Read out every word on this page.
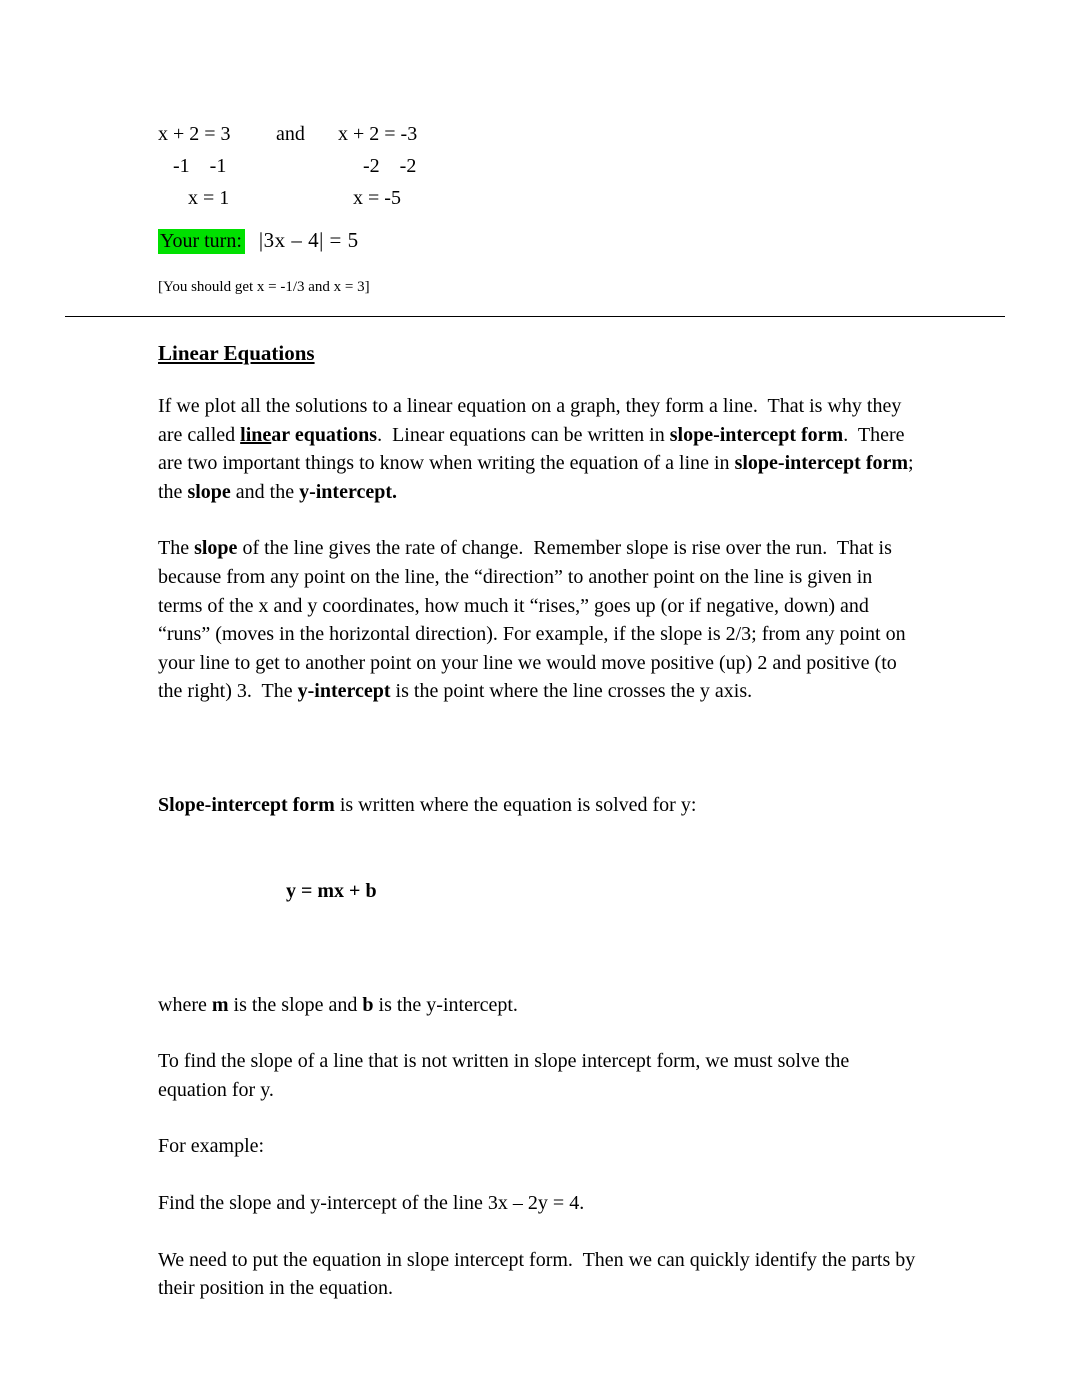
x + 2 = 3	and	x + 2 = -3
-1    -1	-2    -2
x = 1	x = -5
Your turn: |3x – 4| = 5
[You should get x = -1/3 and x = 3]
Linear Equations

If we plot all the solutions to a linear equation on a graph, they form a line.  That is why they are called linear equations.  Linear equations can be written in slope-intercept form.  There are two important things to know when writing the equation of a line in slope-intercept form; the slope and the y-intercept.

The slope of the line gives the rate of change.  Remember slope is rise over the run.  That is because from any point on the line, the “direction” to another point on the line is given in terms of the x and y coordinates, how much it “rises,” goes up (or if negative, down) and “runs” (moves in the horizontal direction). For example, if the slope is 2/3; from any point on your line to get to another point on your line we would move positive (up) 2 and positive (to the right) 3.  The y-intercept is the point where the line crosses the y axis.

Slope-intercept form is written where the equation is solved for y:

y = mx + b

where m is the slope and b is the y-intercept.

To find the slope of a line that is not written in slope intercept form, we must solve the equation for y.

For example:

Find the slope and y-intercept of the line 3x – 2y = 4.

We need to put the equation in slope intercept form.  Then we can quickly identify the parts by their position in the equation.
